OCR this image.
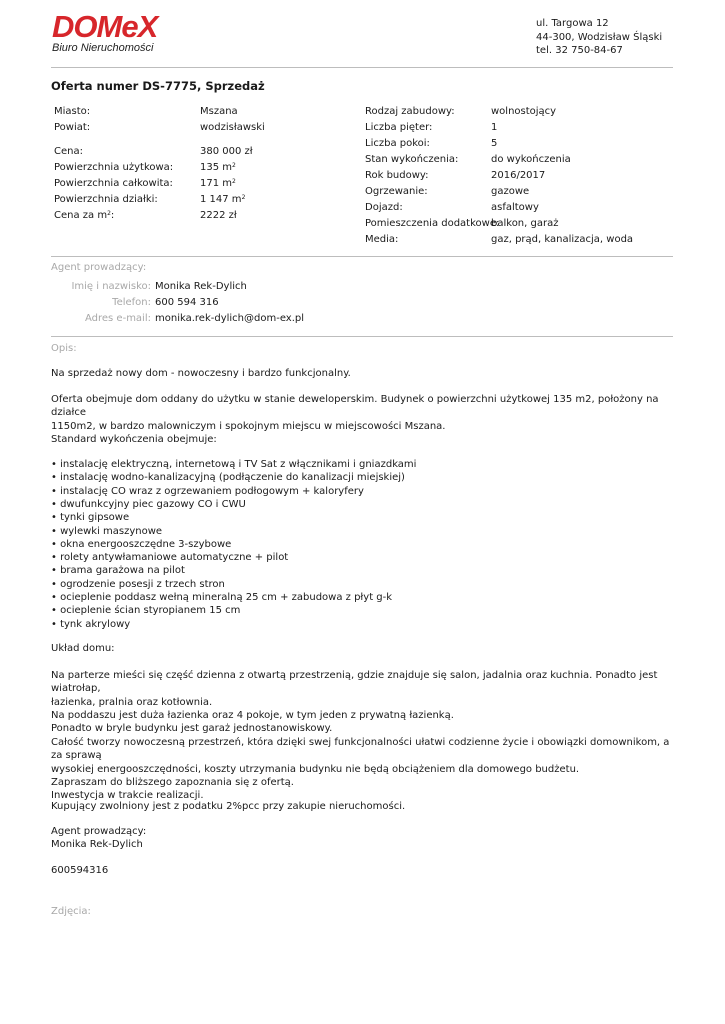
DOMeX
Biuro Nieruchomości
ul. Targowa 12
44-300, Wodzisław Śląski
tel. 32 750-84-67
Oferta numer DS-7775, Sprzedaż
Miasto:	Mszana
Powiat:	wodzisławski
Cena:	380 000 zł
Powierzchnia użytkowa:	135 $m^2$
Powierzchnia całkowita:	171 $m^2$
Powierzchnia działki:	1 147 $m^2$
Cena za $m^2$:	2222 zł
Rodzaj zabudowy:	wolnostojący
Liczba pięter:	1
Liczba pokoi:	5
Stan wykończenia:	do wykończenia
Rok budowy:	2016/2017
Ogrzewanie:	gazowe
Dojazd:	asfaltowy
Pomieszczenia dodatkowe:
balkon, garaż
Media:	gaz, prąd, kanalizacja, woda
Agent prowadzący:
Imię i nazwisko: Monika Rek-Dylich
Telefon: 600 594 316
Adres e-mail: monika.rek-dylich@dom-ex.pl
Opis:

Na sprzedaż nowy dom - nowoczesny i bardzo funkcjonalny.

Oferta obejmuje dom oddany do użytku w stanie deweloperskim. Budynek o powierzchni użytkowej 135 m2, położony na działce

1150m2, w bardzo malowniczym i spokojnym miejscu w miejscowości Mszana.

Standard wykończenia obejmuje:
• instalację elektryczną, internetową i TV Sat z włącznikami i gniazdkami
• instalację wodno-kanalizacyjną (podłączenie do kanalizacji miejskiej)
• instalację CO wraz z ogrzewaniem podłogowym + kaloryfery
• dwufunkcyjny piec gazowy CO i CWU
• tynki gipsowe
• wylewki maszynowe
• okna energooszczędne 3-szybowe
• rolety antywłamaniowe automatyczne + pilot
• brama garażowa na pilot
• ogrodzenie posesji z trzech stron
• ocieplenie poddasz wełną mineralną 25 cm + zabudowa z płyt g-k
• ocieplenie ścian styropianem 15 cm
• tynk akrylowy
Układ domu:

Na parterze mieści się część dzienna z otwartą przestrzenią, gdzie znajduje się salon, jadalnia oraz kuchnia. Ponadto jest wiatrołap,

łazienka, pralnia oraz kotłownia.

Na poddaszu jest duża łazienka oraz 4 pokoje, w tym jeden z prywatną łazienką.

Ponadto w bryle budynku jest garaż jednostanowiskowy.

Całość tworzy nowoczesną przestrzeń, która dzięki swej funkcjonalności ułatwi codzienne życie i obowiązki domownikom, a za sprawą

wysokiej energooszczędności, koszty utrzymania budynku nie będą obciążeniem dla domowego budżetu.

Zapraszam do bliższego zapoznania się z ofertą.

Inwestycja w trakcie realizacji.

Kupujący zwolniony jest z podatku 2%pcc przy zakupie nieruchomości.

Agent prowadzący:

Monika Rek-Dylich

600594316
Zdjęcia:
